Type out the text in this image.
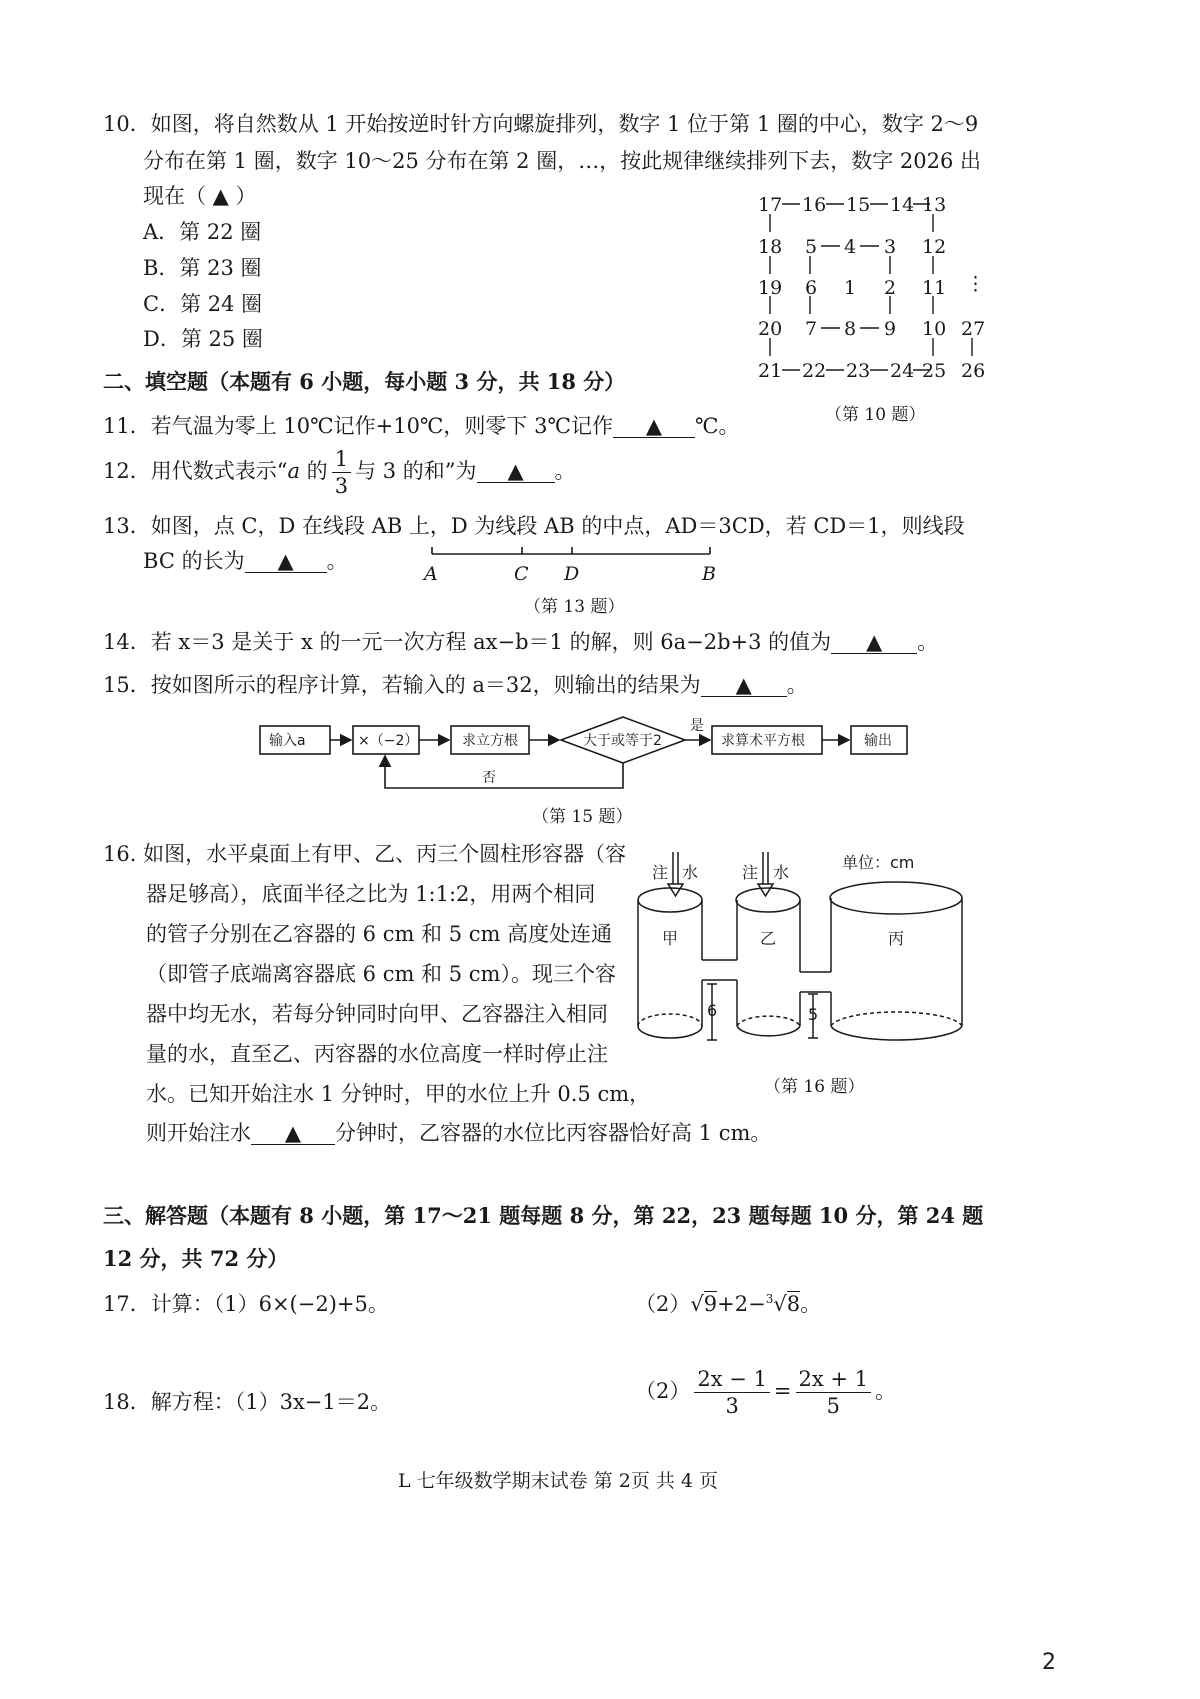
10．如图，将自然数从 1 开始按逆时针方向螺旋排列，数字 1 位于第 1 圈的中心，数字 2～9
分布在第 1 圈，数字 10～25 分布在第 2 圈，…，按此规律继续排列下去，数字 2026 出
现在（ ▲ ）
A．第 22 圈
B．第 23 圈
C．第 24 圈
D．第 25 圈
17 16 15 14 13
18 5 4 3 12
19 6 1 2 11 ⋮
20 7 8 9 10 27
21 22 23 24 25 26
（第 10 题）
二、填空题（本题有 6 小题，每小题 3 分，共 18 分）
11．若气温为零上 10℃记作+10℃，则零下 3℃记作 ▲ ℃。
12．用代数式表示“a 的 $\frac{1}{3}$ 与 3 的和”为 ▲ 。
13．如图，点 C，D 在线段 AB 上，D 为线段 AB 的中点，AD＝3CD，若 CD＝1，则线段
BC 的长为 ▲ 。
A	C D	B
（第 13 题）
14．若 x＝3 是关于 x 的一元一次方程 ax−b＝1 的解，则 6a−2b+3 的值为 ▲ 。
15．按如图所示的程序计算，若输入的 a＝32，则输出的结果为 ▲ 。
输入a	×（−2）	求立方根	大于或等于2	求算术平方根	输出
是
否
（第 15 题）
16. 如图，水平桌面上有甲、乙、丙三个圆柱形容器（容
器足够高），底面半径之比为 1:1:2，用两个相同
的管子分别在乙容器的 6 cm 和 5 cm 高度处连通
（即管子底端离容器底 6 cm 和 5 cm）。现三个容
器中均无水，若每分钟同时向甲、乙容器注入相同
量的水，直至乙、丙容器的水位高度一样时停止注
水。已知开始注水 1 分钟时，甲的水位上升 0.5 cm，
则开始注水 ▲ 分钟时，乙容器的水位比丙容器恰好高 1 cm。
注 水	注 水
单位：cm
甲	乙	丙
6	5
（第 16 题）
三、解答题（本题有 8 小题，第 17～21 题每题 8 分，第 22，23 题每题 10 分，第 24 题
12 分，共 72 分）
17．计算：（1）6×(−2)+5。	（2）√9+2−$^3$√8。
18．解方程：（1）3x−1＝2。	$(2) \frac{2x - 1}{3} = \frac{2x + 1}{5}$ 。
L 七年级数学期末试卷 第 2页 共 4 页
2
